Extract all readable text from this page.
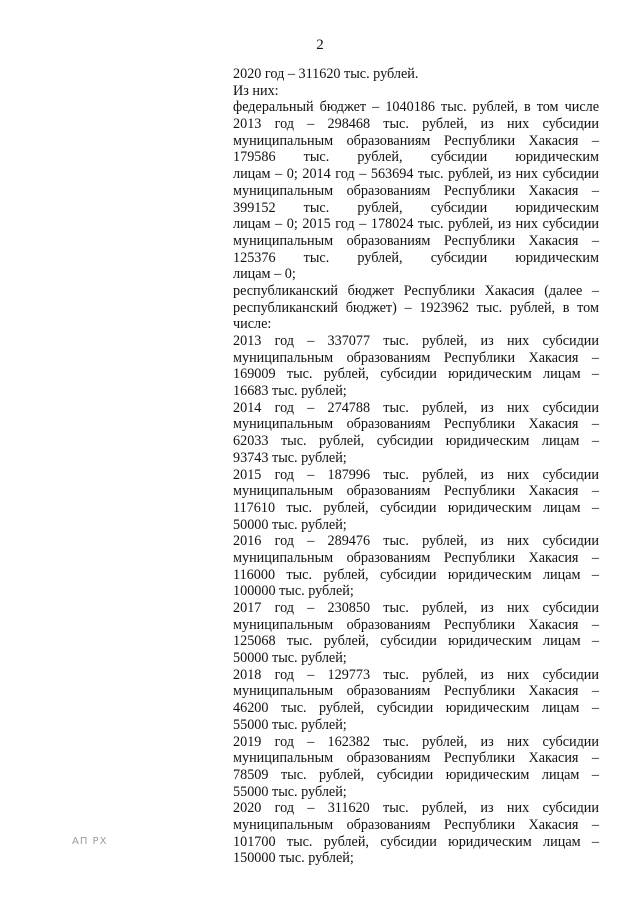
2
2020 год – 311620 тыс. рублей.
Из них:
федеральный бюджет – 1040186 тыс. рублей, в том числе
2013 год – 298468 тыс. рублей, из них субсидии
муниципальным образованиям Республики Хакасия –
179586 тыс. рублей, субсидии юридическим
лицам – 0; 2014 год – 563694 тыс. рублей, из них субсидии
муниципальным образованиям Республики Хакасия –
399152 тыс. рублей, субсидии юридическим
лицам – 0; 2015 год – 178024 тыс. рублей, из них субсидии
муниципальным образованиям Республики Хакасия –
125376 тыс. рублей, субсидии юридическим
лицам – 0;
республиканский бюджет Республики Хакасия (далее –
республиканский бюджет) – 1923962 тыс. рублей, в том
числе:
2013 год – 337077 тыс. рублей, из них субсидии
муниципальным образованиям Республики Хакасия –
169009 тыс. рублей, субсидии юридическим лицам –
16683 тыс. рублей;
2014 год – 274788 тыс. рублей, из них субсидии
муниципальным образованиям Республики Хакасия –
62033 тыс. рублей, субсидии юридическим лицам –
93743 тыс. рублей;
2015 год – 187996 тыс. рублей, из них субсидии
муниципальным образованиям Республики Хакасия –
117610 тыс. рублей, субсидии юридическим лицам –
50000 тыс. рублей;
2016 год – 289476 тыс. рублей, из них субсидии
муниципальным образованиям Республики Хакасия –
116000 тыс. рублей, субсидии юридическим лицам –
100000 тыс. рублей;
2017 год – 230850 тыс. рублей, из них субсидии
муниципальным образованиям Республики Хакасия –
125068 тыс. рублей, субсидии юридическим лицам –
50000 тыс. рублей;
2018 год – 129773 тыс. рублей, из них субсидии
муниципальным образованиям Республики Хакасия –
46200 тыс. рублей, субсидии юридическим лицам –
55000 тыс. рублей;
2019 год – 162382 тыс. рублей, из них субсидии
муниципальным образованиям Республики Хакасия –
78509 тыс. рублей, субсидии юридическим лицам –
55000 тыс. рублей;
2020 год – 311620 тыс. рублей, из них субсидии
муниципальным образованиям Республики Хакасия –
101700 тыс. рублей, субсидии юридическим лицам –
150000 тыс. рублей;
АП РХ
